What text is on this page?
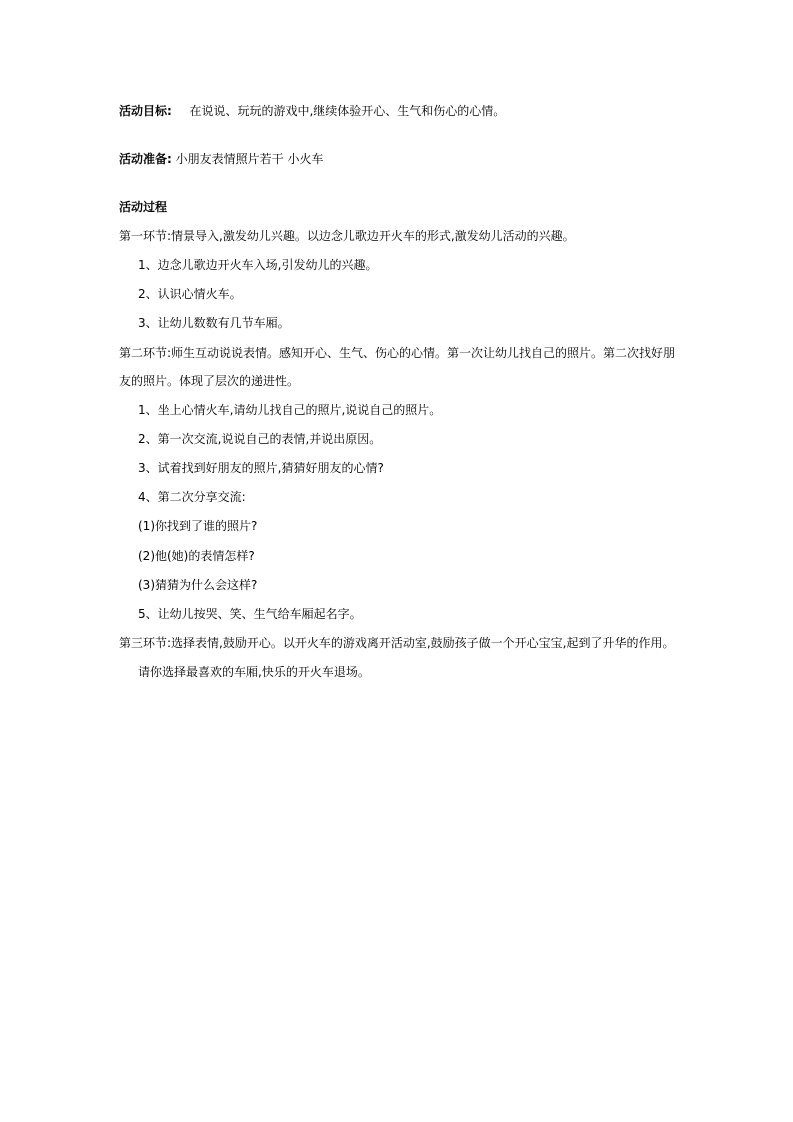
活动目标: 在说说、玩玩的游戏中,继续体验开心、生气和伤心的心情。
活动准备: 小朋友表情照片若干 小火车
活动过程
第一环节:情景导入,激发幼儿兴趣。以边念儿歌边开火车的形式,激发幼儿活动的兴趣。
1、边念儿歌边开火车入场,引发幼儿的兴趣。
2、认识心情火车。
3、让幼儿数数有几节车厢。
第二环节:师生互动说说表情。感知开心、生气、伤心的心情。第一次让幼儿找自己的照片。第二次找好朋
友的照片。体现了层次的递进性。
1、坐上心情火车,请幼儿找自己的照片,说说自己的照片。
2、第一次交流,说说自己的表情,并说出原因。
3、试着找到好朋友的照片,猜猜好朋友的心情?
4、第二次分享交流:
(1)你找到了谁的照片?
(2)他(她)的表情怎样?
(3)猜猜为什么会这样?
5、让幼儿按哭、笑、生气给车厢起名字。
第三环节:选择表情,鼓励开心。以开火车的游戏离开活动室,鼓励孩子做一个开心宝宝,起到了升华的作用。
请你选择最喜欢的车厢,快乐的开火车退场。
